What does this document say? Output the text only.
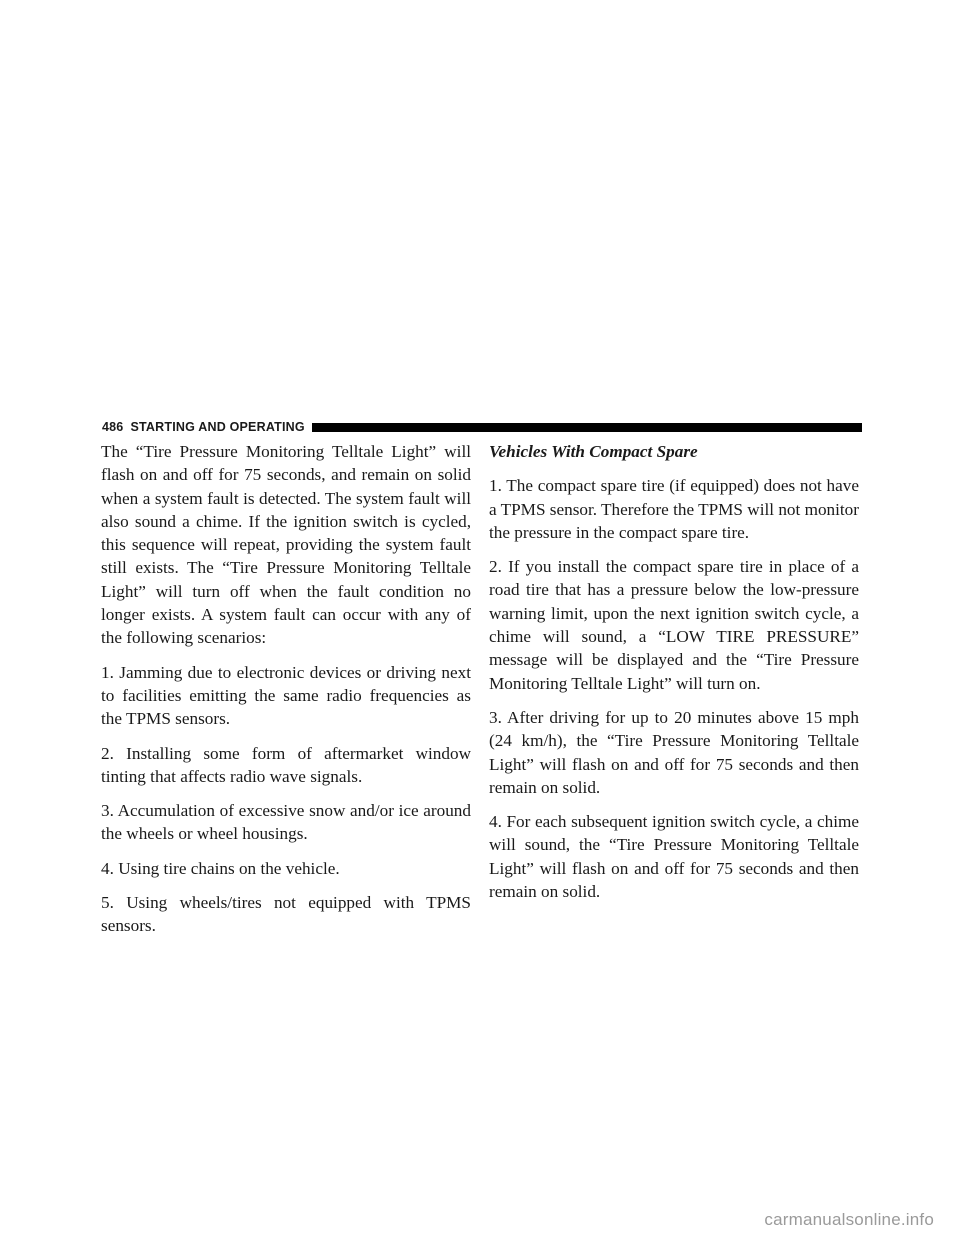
486 STARTING AND OPERATING

The “Tire Pressure Monitoring Telltale Light” will flash on and off for 75 seconds, and remain on solid when a system fault is detected. The system fault will also sound a chime. If the ignition switch is cycled, this sequence will repeat, providing the system fault still exists. The “Tire Pressure Monitoring Telltale Light” will turn off when the fault condition no longer exists. A system fault can occur with any of the following scenarios:

1. Jamming due to electronic devices or driving next to facilities emitting the same radio frequencies as the TPMS sensors.

2. Installing some form of aftermarket window tinting that affects radio wave signals.

3. Accumulation of excessive snow and/or ice around the wheels or wheel housings.

4. Using tire chains on the vehicle.

5. Using wheels/tires not equipped with TPMS sensors.

Vehicles With Compact Spare

1. The compact spare tire (if equipped) does not have a TPMS sensor. Therefore the TPMS will not monitor the pressure in the compact spare tire.

2. If you install the compact spare tire in place of a road tire that has a pressure below the low-pressure warning limit, upon the next ignition switch cycle, a chime will sound, a “LOW TIRE PRESSURE” message will be displayed and the “Tire Pressure Monitoring Telltale Light” will turn on.

3. After driving for up to 20 minutes above 15 mph (24 km/h), the “Tire Pressure Monitoring Telltale Light” will flash on and off for 75 seconds and then remain on solid.

4. For each subsequent ignition switch cycle, a chime will sound, the “Tire Pressure Monitoring Telltale Light” will flash on and off for 75 seconds and then remain on solid.

carmanualsonline.info
